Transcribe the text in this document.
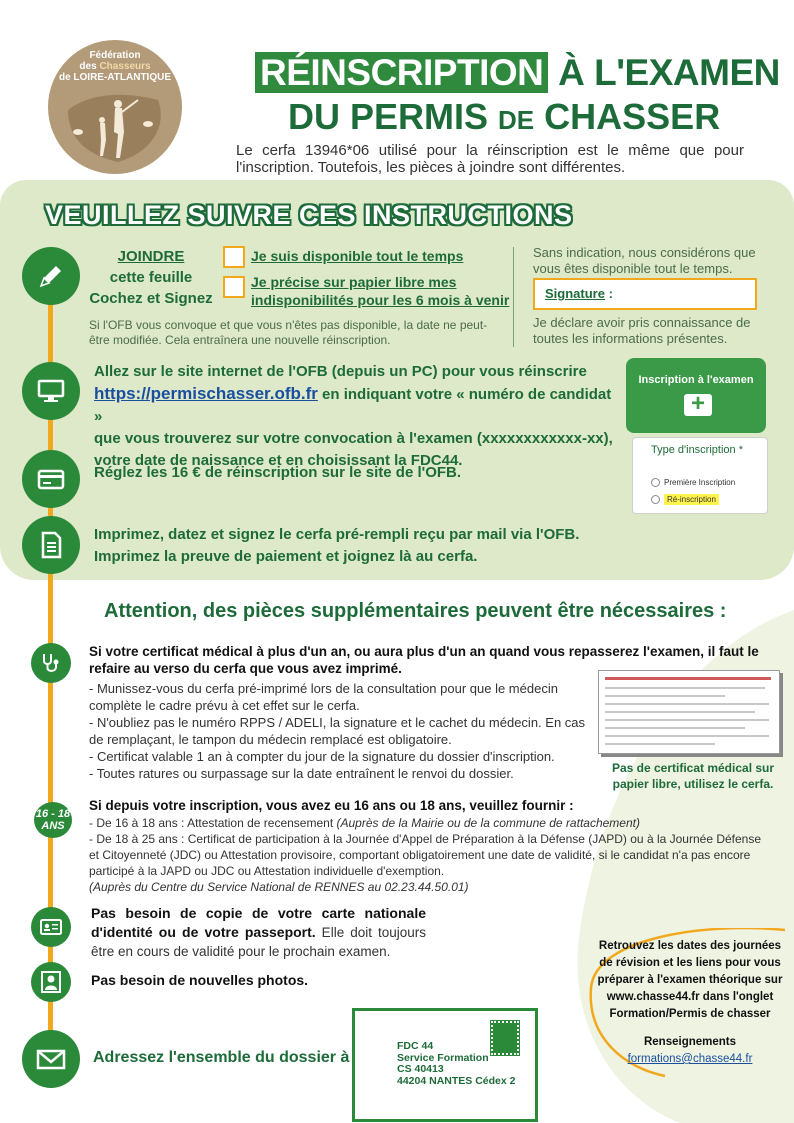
Fédération
des Chasseurs
de LOIRE-ATLANTIQUE RÉINSCRIPTION À L'EXAMEN
DU PERMIS DE CHASSER
Le cerfa 13946*06 utilisé pour la réinscription est le même que pour l'inscription. Toutefois, les pièces à joindre sont différentes.
VEUILLEZ SUIVRE CES INSTRUCTIONS
16 - 18
ANS
JOINDRE
cette feuille
Cochez et Signez
Je suis disponible tout le temps
Je précise sur papier libre mes
indisponibilités pour les 6 mois à venir
Si l'OFB vous convoque et que vous n'êtes pas disponible, la date ne peut-être modifiée. Cela entraînera une nouvelle réinscription.
Sans indication, nous considérons que vous êtes disponible tout le temps.
Signature :
Je déclare avoir pris connaissance de toutes les informations présentes.
Allez sur le site internet de l'OFB (depuis un PC) pour vous réinscrire
https://permischasser.ofb.fr en indiquant votre « numéro de candidat »
que vous trouverez sur votre convocation à l'examen (xxxxxxxxxxxx-xx),
votre date de naissance et en choisissant la FDC44.
Inscription à l'examen
+
Type d'inscription *
Première Inscription
Ré-inscription
Réglez les 16 € de réinscription sur le site de l'OFB.
Imprimez, datez et signez le cerfa pré-rempli reçu par mail via l'OFB.
Imprimez la preuve de paiement et joignez là au cerfa.
Attention, des pièces supplémentaires peuvent être nécessaires :
Si votre certificat médical à plus d'un an, ou aura plus d'un an quand vous repasserez l'examen, il faut le refaire au verso du cerfa que vous avez imprimé.
- Munissez-vous du cerfa pré-imprimé lors de la consultation pour que le médecin complète le cadre prévu à cet effet sur le cerfa.
- N'oubliez pas le numéro RPPS / ADELI, la signature et le cachet du médecin. En cas de remplaçant, le tampon du médecin remplacé est obligatoire.
- Certificat valable 1 an à compter du jour de la signature du dossier d'inscription.
- Toutes ratures ou surpassage sur la date entraînent le renvoi du dossier.	Pas de certificat médical sur papier libre, utilisez le cerfa.
Si depuis votre inscription, vous avez eu 16 ans ou 18 ans, veuillez fournir :
- De 16 à 18 ans : Attestation de recensement (Auprès de la Mairie ou de la commune de rattachement)
- De 18 à 25 ans : Certificat de participation à la Journée d'Appel de Préparation à la Défense (JAPD) ou à la Journée Défense et Citoyenneté (JDC) ou Attestation provisoire, comportant obligatoirement une date de validité, si le candidat n'a pas encore participé à la JAPD ou JDC ou Attestation individuelle d'exemption.
(Auprès du Centre du Service National de RENNES au 02.23.44.50.01)
Pas besoin de copie de votre carte nationale d'identité ou de votre passeport. Elle doit toujours être en cours de validité pour le prochain examen.
Pas besoin de nouvelles photos.
Adressez l'ensemble du dossier à
FDC 44
Service Formation
CS 40413
44204 NANTES Cédex 2
Retrouvez les dates des journées de révision et les liens pour vous préparer à l'examen théorique sur www.chasse44.fr dans l'onglet Formation/Permis de chasser
Renseignements
formations@chasse44.fr
